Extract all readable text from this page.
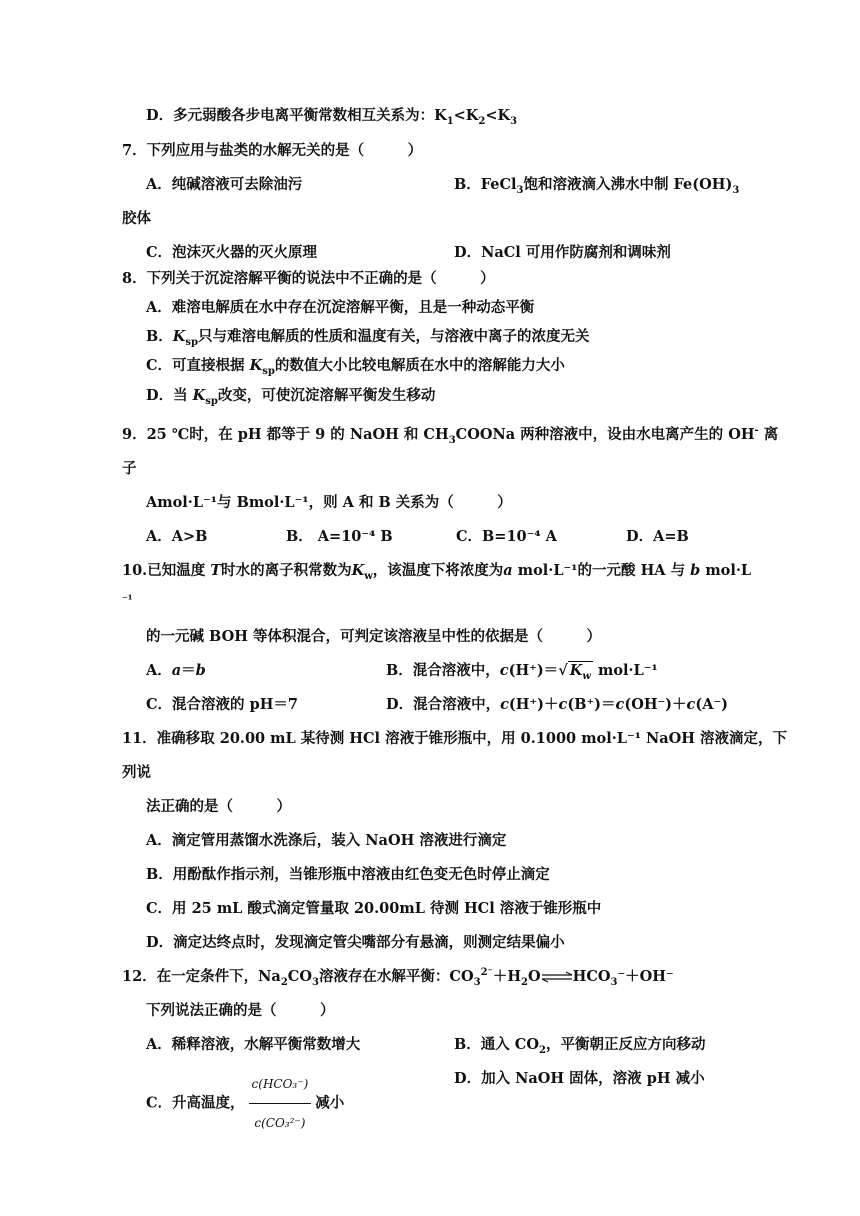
D．多元弱酸各步电离平衡常数相互关系为：$K_1<K_2<K_3$
7．下列应用与盐类的水解无关的是（　　　）
A．纯碱溶液可去除油污	B．FeCl$_3$饱和溶液滴入沸水中制 $Fe(OH)_3$
胶体
C．泡沫灭火器的灭火原理	D．NaCl 可用作防腐剂和调味剂
8．下列关于沉淀溶解平衡的说法中不正确的是（　　　）
A．难溶电解质在水中存在沉淀溶解平衡，且是一种动态平衡
B．$K_{sp}$只与难溶电解质的性质和温度有关，与溶液中离子的浓度无关
C．可直接根据 $K_{sp}$的数值大小比较电解质在水中的溶解能力大小
D．当 $K_{sp}$改变，可使沉淀溶解平衡发生移动
9．25 ℃时，在 pH 都等于 9 的 NaOH 和 $CH_3COONa$ 两种溶液中，设由水电离产生的 OH- 离
子
Amol·L⁻¹与 Bmol·L⁻¹，则 A 和 B 关系为（　　　）
A．A>B	B． A=10⁻⁴ B	C．B=10⁻⁴ A	D．A=B
10.已知温度 T时水的离子积常数为$K_w$，该温度下将浓度为a mol·L⁻¹的一元酸 HA 与 b mol·L
⁻¹
的一元碱 BOH 等体积混合，可判定该溶液呈中性的依据是（　　　）
A．a＝b	B．混合溶液中，c(H⁺)＝√ $K_w$ mol·L⁻¹
C．混合溶液的 pH＝7	D．混合溶液中，c(H⁺)＋c(B⁺)＝c(OH⁻)＋c(A⁻)
11．准确移取 20.00 mL 某待测 HCl 溶液于锥形瓶中，用 0.1000 mol·L⁻¹ NaOH 溶液滴定，下
列说
法正确的是（　　　）
A．滴定管用蒸馏水洗涤后，装入 NaOH 溶液进行滴定
B．用酚酞作指示剂，当锥形瓶中溶液由红色变无色时停止滴定
C．用 25 mL 酸式滴定管量取 20.00mL 待测 HCl 溶液于锥形瓶中
D．滴定达终点时，发现滴定管尖嘴部分有悬滴，则测定结果偏小
12．在一定条件下，$Na_2CO_3$溶液存在水解平衡：$CO_3^{2^-}+H_2O\rightleftharpoons HCO_3^-+OH^-$
下列说法正确的是（　　　）
A．稀释溶液，水解平衡常数增大	B．通入 $CO_2$，平衡朝正反应方向移动
C．升高温度， $\frac{\text{c(HCO₃⁻)}}{\text{c(CO₃²⁻)}}$ 减小
D．加入 NaOH 固体，溶液 pH 减小
